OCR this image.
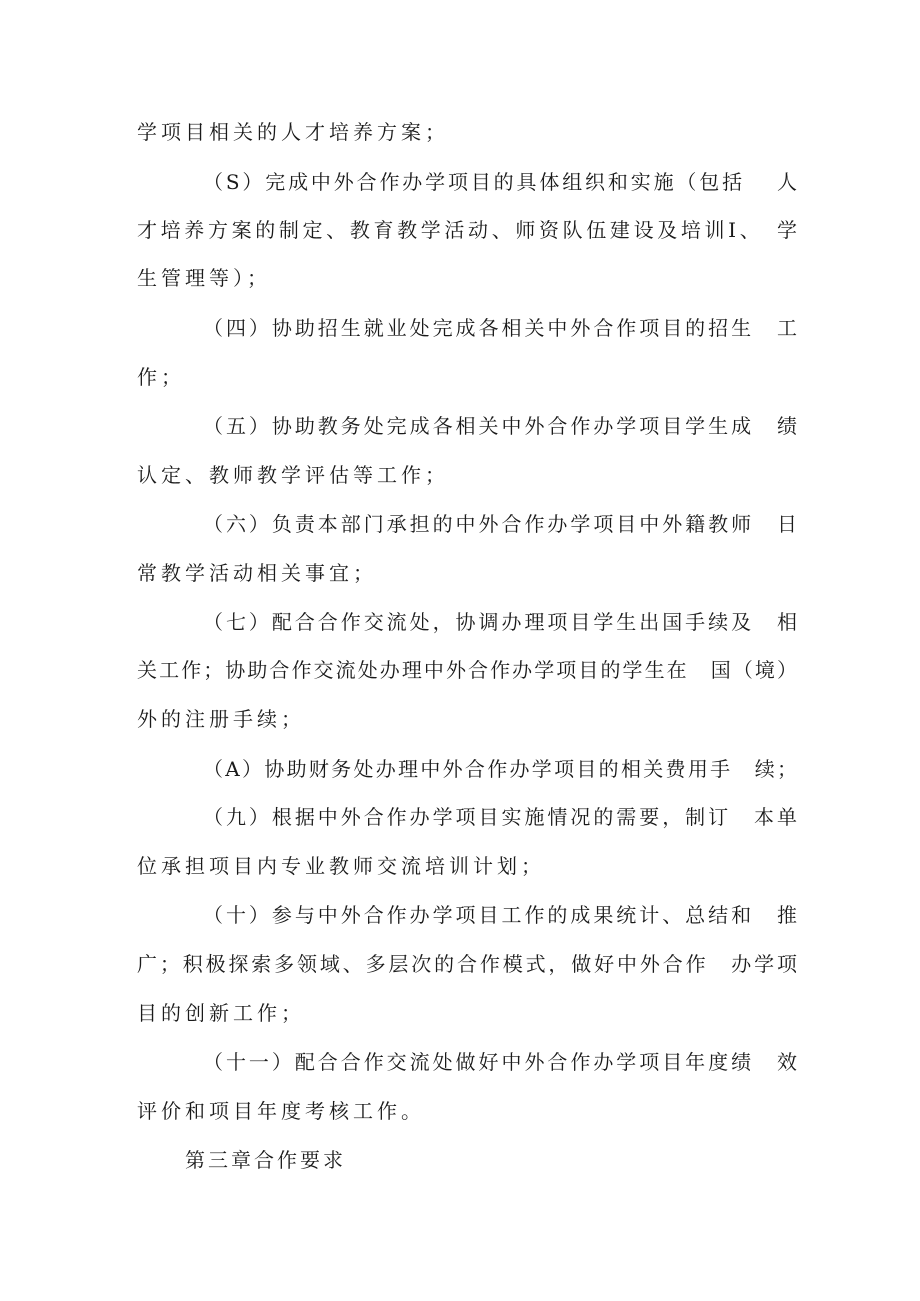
学项目相关的人才培养方案；
（S）完成中外合作办学项目的具体组织和实施（包括　 人
才培养方案的制定、教育教学活动、师资队伍建设及培训I、　学
生管理等）；
（四）协助招生就业处完成各相关中外合作项目的招生　工
作；
（五）协助教务处完成各相关中外合作办学项目学生成　绩
认定、教师教学评估等工作；
（六）负责本部门承担的中外合作办学项目中外籍教师　日
常教学活动相关事宜；
（七）配合合作交流处，协调办理项目学生出国手续及　相
关工作；协助合作交流处办理中外合作办学项目的学生在　国（境）
外的注册手续；
（A）协助财务处办理中外合作办学项目的相关费用手　续；
（九）根据中外合作办学项目实施情况的需要，制订　本单
位承担项目内专业教师交流培训计划；
（十）参与中外合作办学项目工作的成果统计、总结和　推
广；积极探索多领域、多层次的合作模式，做好中外合作　办学项
目的创新工作；
（十一）配合合作交流处做好中外合作办学项目年度绩　效
评价和项目年度考核工作。
第三章合作要求
